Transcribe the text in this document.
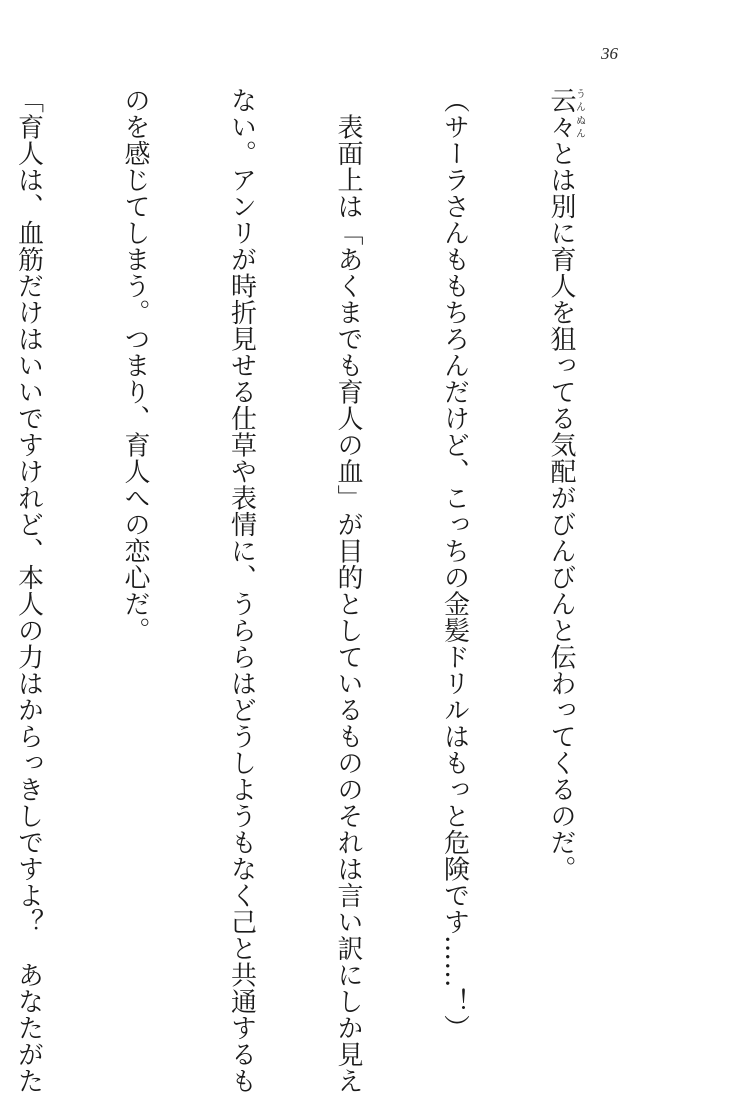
36

云々うんぬんとは別に育人を狙ってる気配がびんびんと伝わってくるのだ。

（サーラさんももちろんだけど、こっちの金髪ドリルはもっと危険です……！）

　表面上は「あくまでも育人の血」が目的としているもののそれは言い訳にしか見え

ない。アンリが時折見せる仕草や表情に、うららはどうしようもなく己と共通するも

のを感じてしまう。つまり、育人への恋心だ。

「育人は、血筋だけはいいですけれど、本人の力はからっきしですよ？　あなたがた
